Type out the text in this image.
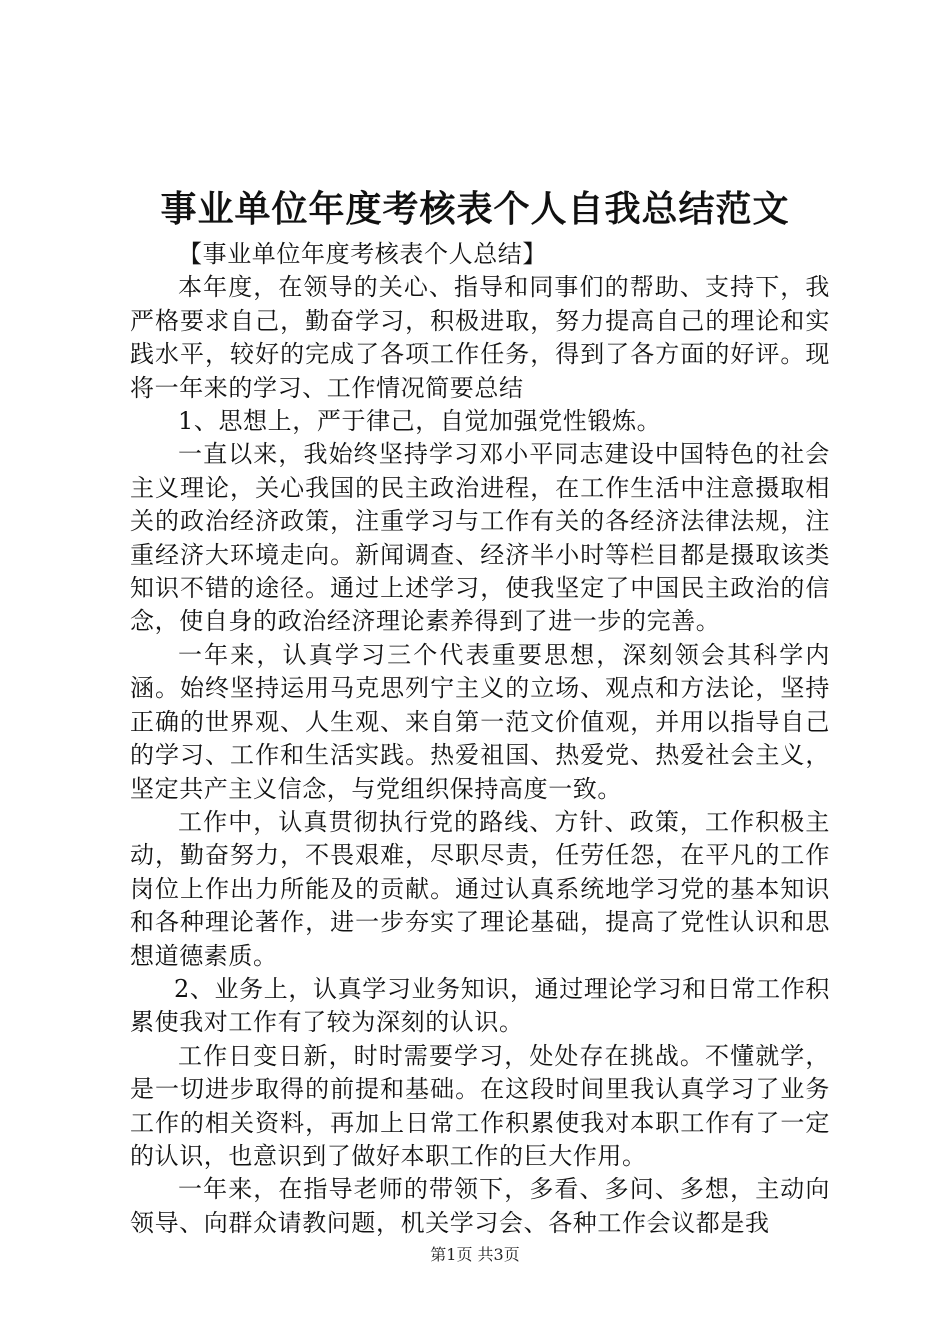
事业单位年度考核表个人自我总结范文

【事业单位年度考核表个人总结】

本年度，在领导的关心、指导和同事们的帮助、支持下，我严格要求自己，勤奋学习，积极进取，努力提高自己的理论和实践水平，较好的完成了各项工作任务，得到了各方面的好评。现将一年来的学习、工作情况简要总结

1、思想上，严于律己，自觉加强党性锻炼。

一直以来，我始终坚持学习邓小平同志建设中国特色的社会主义理论，关心我国的民主政治进程，在工作生活中注意摄取相关的政治经济政策，注重学习与工作有关的各经济法律法规，注重经济大环境走向。新闻调查、经济半小时等栏目都是摄取该类知识不错的途径。通过上述学习，使我坚定了中国民主政治的信念，使自身的政治经济理论素养得到了进一步的完善。

一年来，认真学习三个代表重要思想，深刻领会其科学内涵。始终坚持运用马克思列宁主义的立场、观点和方法论，坚持正确的世界观、人生观、来自第一范文价值观，并用以指导自己的学习、工作和生活实践。热爱祖国、热爱党、热爱社会主义，坚定共产主义信念，与党组织保持高度一致。

工作中，认真贯彻执行党的路线、方针、政策，工作积极主动，勤奋努力，不畏艰难，尽职尽责，任劳任怨，在平凡的工作岗位上作出力所能及的贡献。通过认真系统地学习党的基本知识和各种理论著作，进一步夯实了理论基础，提高了党性认识和思想道德素质。

2、业务上，认真学习业务知识，通过理论学习和日常工作积累使我对工作有了较为深刻的认识。

工作日变日新，时时需要学习，处处存在挑战。不懂就学，是一切进步取得的前提和基础。在这段时间里我认真学习了业务工作的相关资料，再加上日常工作积累使我对本职工作有了一定的认识，也意识到了做好本职工作的巨大作用。

一年来，在指导老师的带领下，多看、多问、多想，主动向领导、向群众请教问题，机关学习会、各种工作会议都是我

第1页 共3页
